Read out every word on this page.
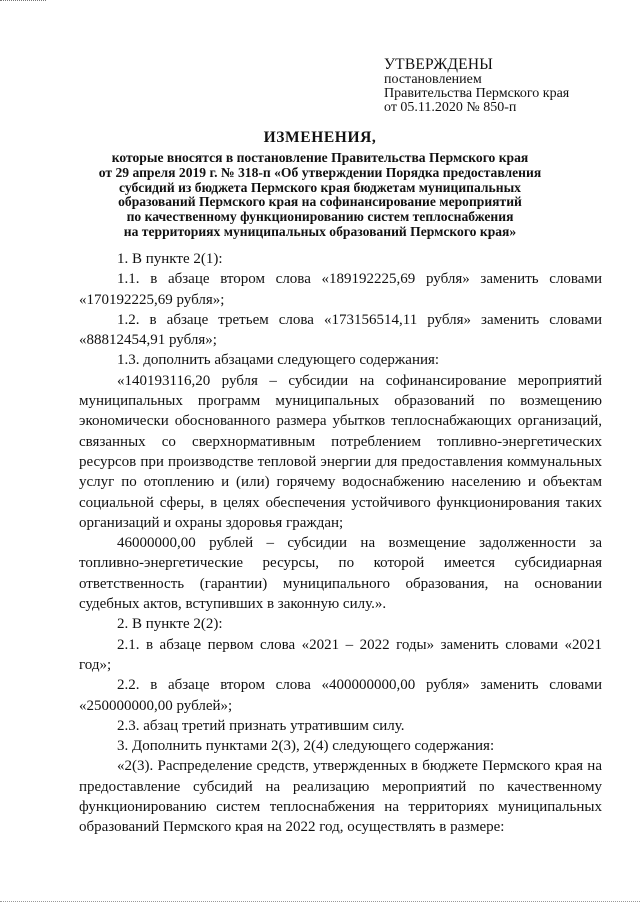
УТВЕРЖДЕНЫ
постановлением
Правительства Пермского края
от 05.11.2020 № 850-п
ИЗМЕНЕНИЯ,
которые вносятся в постановление Правительства Пермского края
от 29 апреля 2019 г. № 318-п «Об утверждении Порядка предоставления
субсидий из бюджета Пермского края бюджетам муниципальных
образований Пермского края на софинансирование мероприятий
по качественному функционированию систем теплоснабжения
на территориях муниципальных образований Пермского края»

1. В пункте 2(1):

1.1. в абзаце втором слова «189192225,69 рубля» заменить словами «170192225,69 рубля»;

1.2. в абзаце третьем слова «173156514,11 рубля» заменить словами «88812454,91 рубля»;

1.3. дополнить абзацами следующего содержания:

«140193116,20 рубля – субсидии на софинансирование мероприятий муниципальных программ муниципальных образований по возмещению экономически обоснованного размера убытков теплоснабжающих организаций, связанных со сверхнормативным потреблением топливно-энергетических ресурсов при производстве тепловой энергии для предоставления коммунальных услуг по отоплению и (или) горячему водоснабжению населению и объектам социальной сферы, в целях обеспечения устойчивого функционирования таких организаций и охраны здоровья граждан;

46000000,00 рублей – субсидии на возмещение задолженности за топливно-энергетические ресурсы, по которой имеется субсидиарная ответственность (гарантии) муниципального образования, на основании судебных актов, вступивших в законную силу.».

2. В пункте 2(2):

2.1. в абзаце первом слова «2021 – 2022 годы» заменить словами «2021 год»;

2.2. в абзаце втором слова «400000000,00 рубля» заменить словами «250000000,00 рублей»;

2.3. абзац третий признать утратившим силу.

3. Дополнить пунктами 2(3), 2(4) следующего содержания:

«2(3). Распределение средств, утвержденных в бюджете Пермского края на предоставление субсидий на реализацию мероприятий по качественному функционированию систем теплоснабжения на территориях муниципальных образований Пермского края на 2022 год, осуществлять в размере:
